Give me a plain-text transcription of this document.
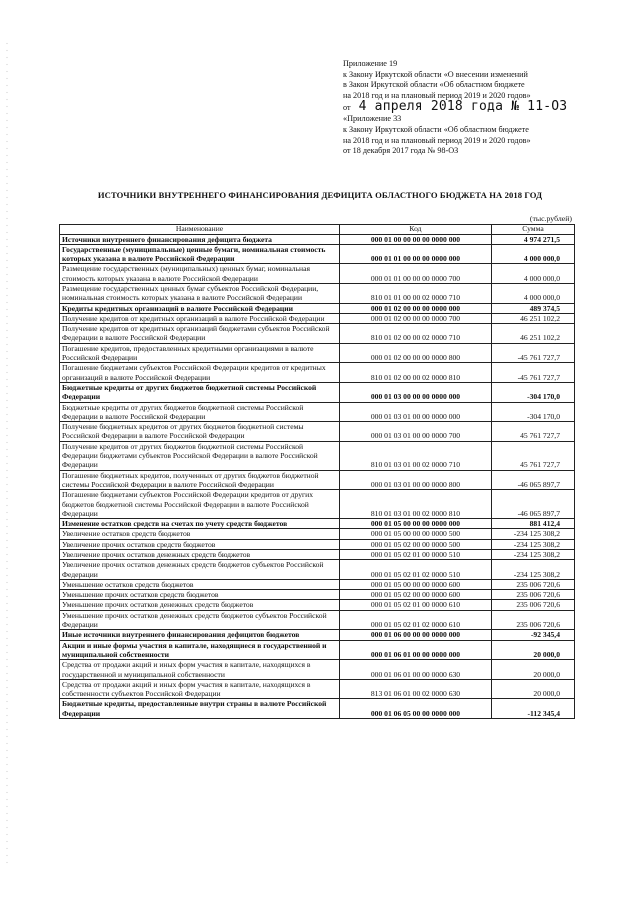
Приложение 19
к Закону Иркутской области «О внесении изменений
в Закон Иркутской области «Об областном бюджете
на 2018 год и на плановый период 2019 и 2020 годов»
от 4 апреля 2018 года № 11-ОЗ
«Приложение 33
к Закону Иркутской области «Об областном бюджете
на 2018 год и на плановый период 2019 и 2020 годов»
от 18 декабря 2017 года № 98-ОЗ
ИСТОЧНИКИ ВНУТРЕННЕГО ФИНАНСИРОВАНИЯ ДЕФИЦИТА ОБЛАСТНОГО БЮДЖЕТА НА 2018 ГОД
(тыс.рублей)
Наименование	Код	Сумма
Источники внутреннего финансирования дефицита бюджета	000 01 00 00 00 00 0000 000	4 974 271,5
Государственные (муниципальные) ценные бумаги, номинальная стоимость которых указана в валюте Российской Федерации	000 01 01 00 00 00 0000 000	4 000 000,0
Размещение государственных (муниципальных) ценных бумаг, номинальная стоимость которых указана в валюте Российской Федерации	000 01 01 00 00 00 0000 700	4 000 000,0
Размещение государственных ценных бумаг субъектов Российской Федерации, номинальная стоимость которых указана в валюте Российской Федерации	810 01 01 00 00 02 0000 710	4 000 000,0
Кредиты кредитных организаций в валюте Российской Федерации	000 01 02 00 00 00 0000 000	489 374,5
Получение кредитов от кредитных организаций в валюте Российской Федерации	000 01 02 00 00 00 0000 700	46 251 102,2
Получение кредитов от кредитных организаций бюджетами субъектов Российской Федерации в валюте Российской Федерации	810 01 02 00 00 02 0000 710	46 251 102,2
Погашение кредитов, предоставленных кредитными организациями в валюте Российской Федерации	000 01 02 00 00 00 0000 800	-45 761 727,7
Погашение бюджетами субъектов Российской Федерации кредитов от кредитных организаций в валюте Российской Федерации	810 01 02 00 00 02 0000 810	-45 761 727,7
Бюджетные кредиты от других бюджетов бюджетной системы Российской Федерации	000 01 03 00 00 00 0000 000	-304 170,0
Бюджетные кредиты от других бюджетов бюджетной системы Российской Федерации в валюте Российской Федерации	000 01 03 01 00 00 0000 000	-304 170,0
Получение бюджетных кредитов от других бюджетов бюджетной системы Российской Федерации в валюте Российской Федерации	000 01 03 01 00 00 0000 700	45 761 727,7
Получение кредитов от других бюджетов бюджетной системы Российской Федерации бюджетами субъектов Российской Федерации в валюте Российской Федерации	810 01 03 01 00 02 0000 710	45 761 727,7
Погашение бюджетных кредитов, полученных от других бюджетов бюджетной системы Российской Федерации в валюте Российской Федерации	000 01 03 01 00 00 0000 800	-46 065 897,7
Погашение бюджетами субъектов Российской Федерации кредитов от других бюджетов бюджетной системы Российской Федерации в валюте Российской Федерации	810 01 03 01 00 02 0000 810	-46 065 897,7
Изменение остатков средств на счетах по учету средств бюджетов	000 01 05 00 00 00 0000 000	881 412,4
Увеличение остатков средств бюджетов	000 01 05 00 00 00 0000 500	-234 125 308,2
Увеличение прочих остатков средств бюджетов	000 01 05 02 00 00 0000 500	-234 125 308,2
Увеличение прочих остатков денежных средств бюджетов	000 01 05 02 01 00 0000 510	-234 125 308,2
Увеличение прочих остатков денежных средств бюджетов субъектов Российской Федерации	000 01 05 02 01 02 0000 510	-234 125 308,2
Уменьшение остатков средств бюджетов	000 01 05 00 00 00 0000 600	235 006 720,6
Уменьшение прочих остатков средств бюджетов	000 01 05 02 00 00 0000 600	235 006 720,6
Уменьшение прочих остатков денежных средств бюджетов	000 01 05 02 01 00 0000 610	235 006 720,6
Уменьшение прочих остатков денежных средств бюджетов субъектов Российской Федерации	000 01 05 02 01 02 0000 610	235 006 720,6
Иные источники внутреннего финансирования дефицитов бюджетов	000 01 06 00 00 00 0000 000	-92 345,4
Акции и иные формы участия в капитале, находящиеся в государственной и муниципальной собственности	000 01 06 01 00 00 0000 000	20 000,0
Средства от продажи акций и иных форм участия в капитале, находящихся в государственной и муниципальной собственности	000 01 06 01 00 00 0000 630	20 000,0
Средства от продажи акций и иных форм участия в капитале, находящихся в собственности субъектов Российской Федерации	813 01 06 01 00 02 0000 630	20 000,0
Бюджетные кредиты, предоставленные внутри страны в валюте Российской Федерации	000 01 06 05 00 00 0000 000	-112 345,4
